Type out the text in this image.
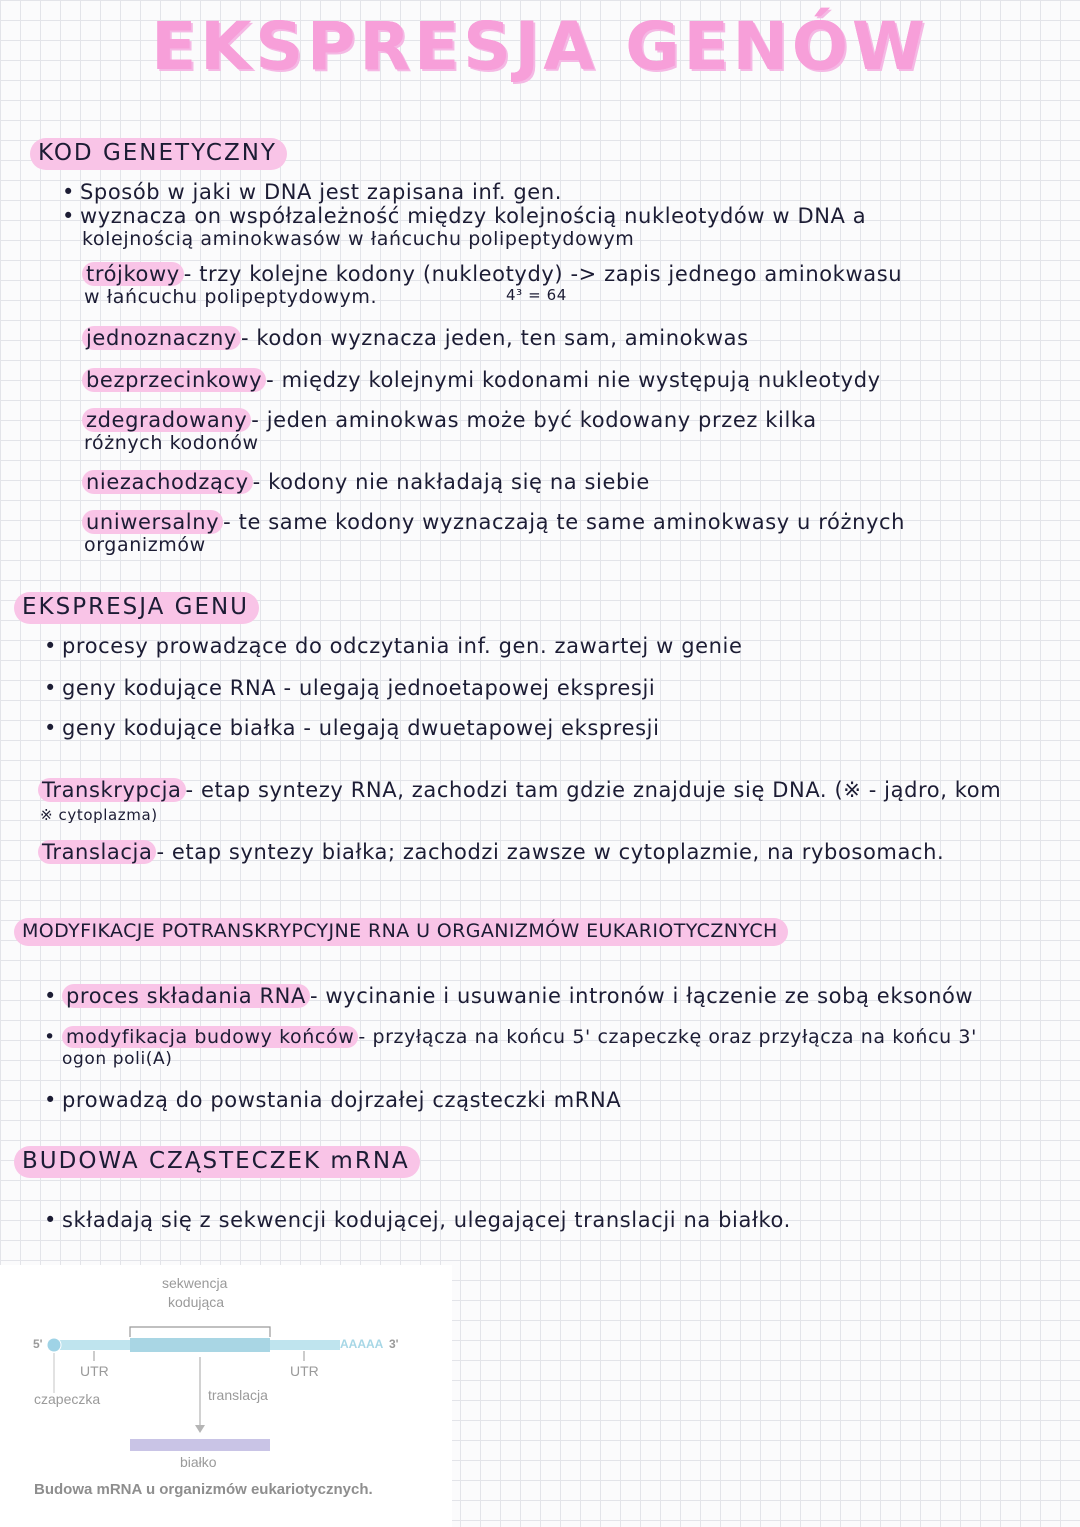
EKSPRESJA GENÓW
KOD GENETYCZNY
• Sposób w jaki w DNA jest zapisana inf. gen.
• wyznacza on współzależność między kolejnością nukleotydów w DNA a
kolejnością aminokwasów w łańcuchu polipeptydowym
trójkowy - trzy kolejne kodony (nukleotydy) -> zapis jednego aminokwasu
w łańcuchu polipeptydowym.	4³ = 64
jednoznaczny - kodon wyznacza jeden, ten sam, aminokwas
bezprzecinkowy - między kolejnymi kodonami nie występują nukleotydy
zdegradowany - jeden aminokwas może być kodowany przez kilka
różnych kodonów
niezachodzący - kodony nie nakładają się na siebie
uniwersalny - te same kodony wyznaczają te same aminokwasy u różnych
organizmów
EKSPRESJA GENU
• procesy prowadzące do odczytania inf. gen. zawartej w genie
• geny kodujące RNA - ulegają jednoetapowej ekspresji
• geny kodujące białka - ulegają dwuetapowej ekspresji
Transkrypcja - etap syntezy RNA, zachodzi tam gdzie znajduje się DNA. (※ - jądro, kom
※ cytoplazma)
Translacja - etap syntezy białka; zachodzi zawsze w cytoplazmie, na rybosomach.
MODYFIKACJE POTRANSKRYPCYJNE RNA U ORGANIZMÓW EUKARIOTYCZNYCH
• proces składania RNA - wycinanie i usuwanie intronów i łączenie ze sobą eksonów
• modyfikacja budowy końców - przyłącza na końcu 5' czapeczkę oraz przyłącza na końcu 3'
ogon poli(A)
• prowadzą do powstania dojrzałej cząsteczki mRNA
BUDOWA CZĄSTECZEK mRNA
• składają się z sekwencji kodującej, ulegającej translacji na białko.
sekwencja
kodująca
5'	AAAAA 3'
UTR	UTR
czapeczka	translacja
białko
Budowa mRNA u organizmów eukariotycznych.
